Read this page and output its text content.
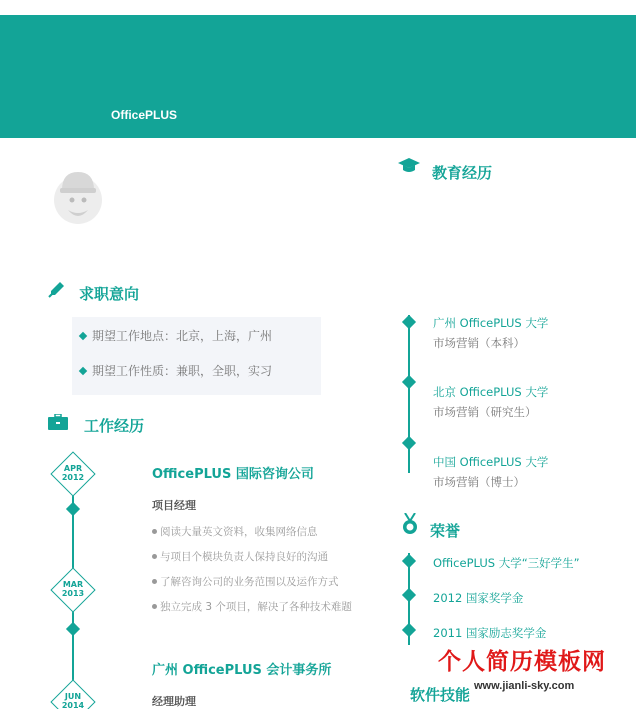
OfficePLUS
求职意向
期望工作地点：北京，上海，广州
期望工作性质：兼职，全职，实习
工作经历
APR
2012
MAR
2013
JUN
2014
OfficePLUS 国际咨询公司
项目经理
阅读大量英文资料，收集网络信息
与项目个模块负责人保持良好的沟通
了解咨询公司的业务范围以及运作方式
独立完成 3 个项目，解决了各种技术难题
广州 OfficePLUS 会计事务所
经理助理
教育经历
广州 OfficePLUS 大学
市场营销（本科）
北京 OfficePLUS 大学
市场营销（研究生）
中国 OfficePLUS 大学
市场营销（博士）
荣誉
OfficePLUS 大学“三好学生”
2012 国家奖学金
2011 国家励志奖学金
软件技能
个人简历模板网
www.jianli-sky.com
